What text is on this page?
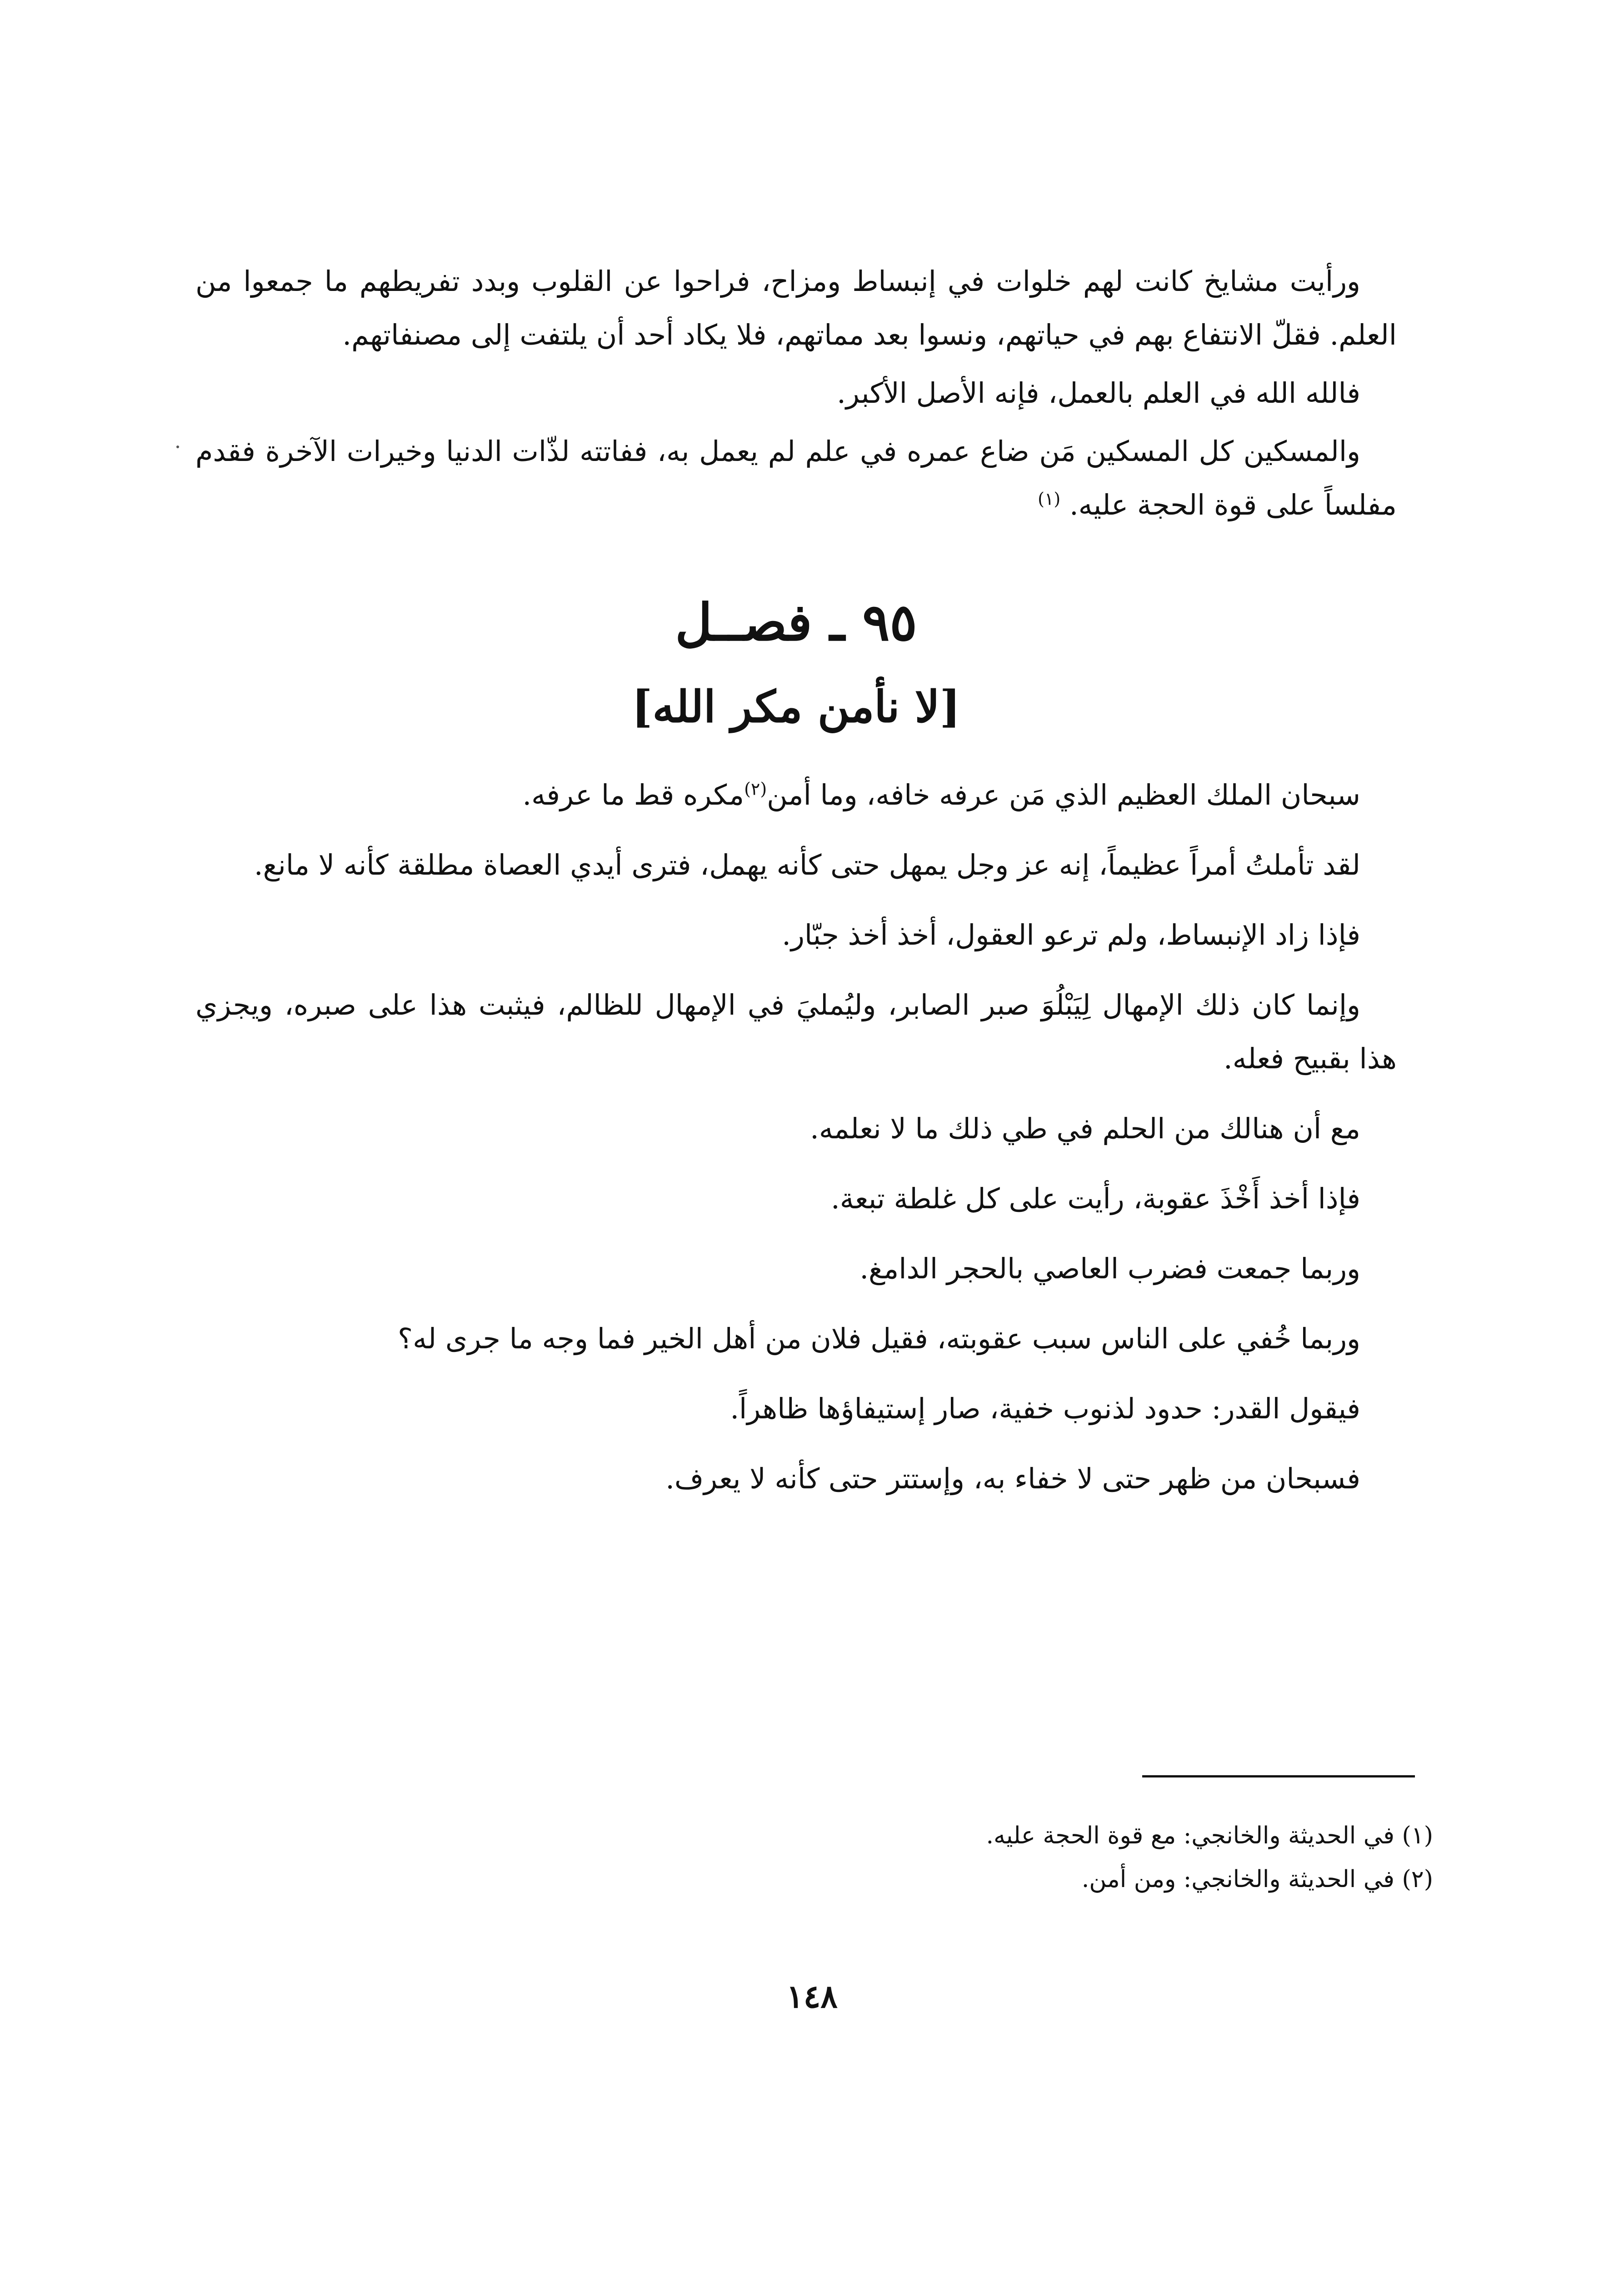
ورأيت مشايخ كانت لهم خلوات في إنبساط ومزاح، فراحوا عن القلوب وبدد تفريطهم ما جمعوا من العلم. فقلّ الانتفاع بهم في حياتهم، ونسوا بعد مماتهم، فلا يكاد أحد أن يلتفت إلى مصنفاتهم.

فالله الله في العلم بالعمل، فإنه الأصل الأكبر.

والمسكين كل المسكين مَن ضاع عمره في علم لم يعمل به، ففاتته لذّات الدنيا وخيرات الآخرة فقدم مفلساً على قوة الحجة عليه. $^{(١)}$

٩٥ ـ فصــل

[لا نأمن مكر الله]

سبحان الملك العظيم الذي مَن عرفه خافه، وما أمن$^{(٢)}$مكره قط ما عرفه.

لقد تأملتُ أمراً عظيماً، إنه عز وجل يمهل حتى كأنه يهمل، فترى أيدي العصاة مطلقة كأنه لا مانع.

فإذا زاد الإنبساط، ولم ترعو العقول، أخذ أخذ جبّار.

وإنما كان ذلك الإمهال لِيَبْلُوَ صبر الصابر، وليُمليَ في الإمهال للظالم، فيثبت هذا على صبره، ويجزي هذا بقبيح فعله.

مع أن هنالك من الحلم في طي ذلك ما لا نعلمه.

فإذا أخذ أَخْذَ عقوبة، رأيت على كل غلطة تبعة.

وربما جمعت فضرب العاصي بالحجر الدامغ.

وربما خُفي على الناس سبب عقوبته، فقيل فلان من أهل الخير فما وجه ما جرى له؟

فيقول القدر: حدود لذنوب خفية، صار إستيفاؤها ظاهراً.

فسبحان من ظهر حتى لا خفاء به، وإستتر حتى كأنه لا يعرف.

(١) في الحديثة والخانجي: مع قوة الحجة عليه.

(٢) في الحديثة والخانجي: ومن أمن.

١٤٨
